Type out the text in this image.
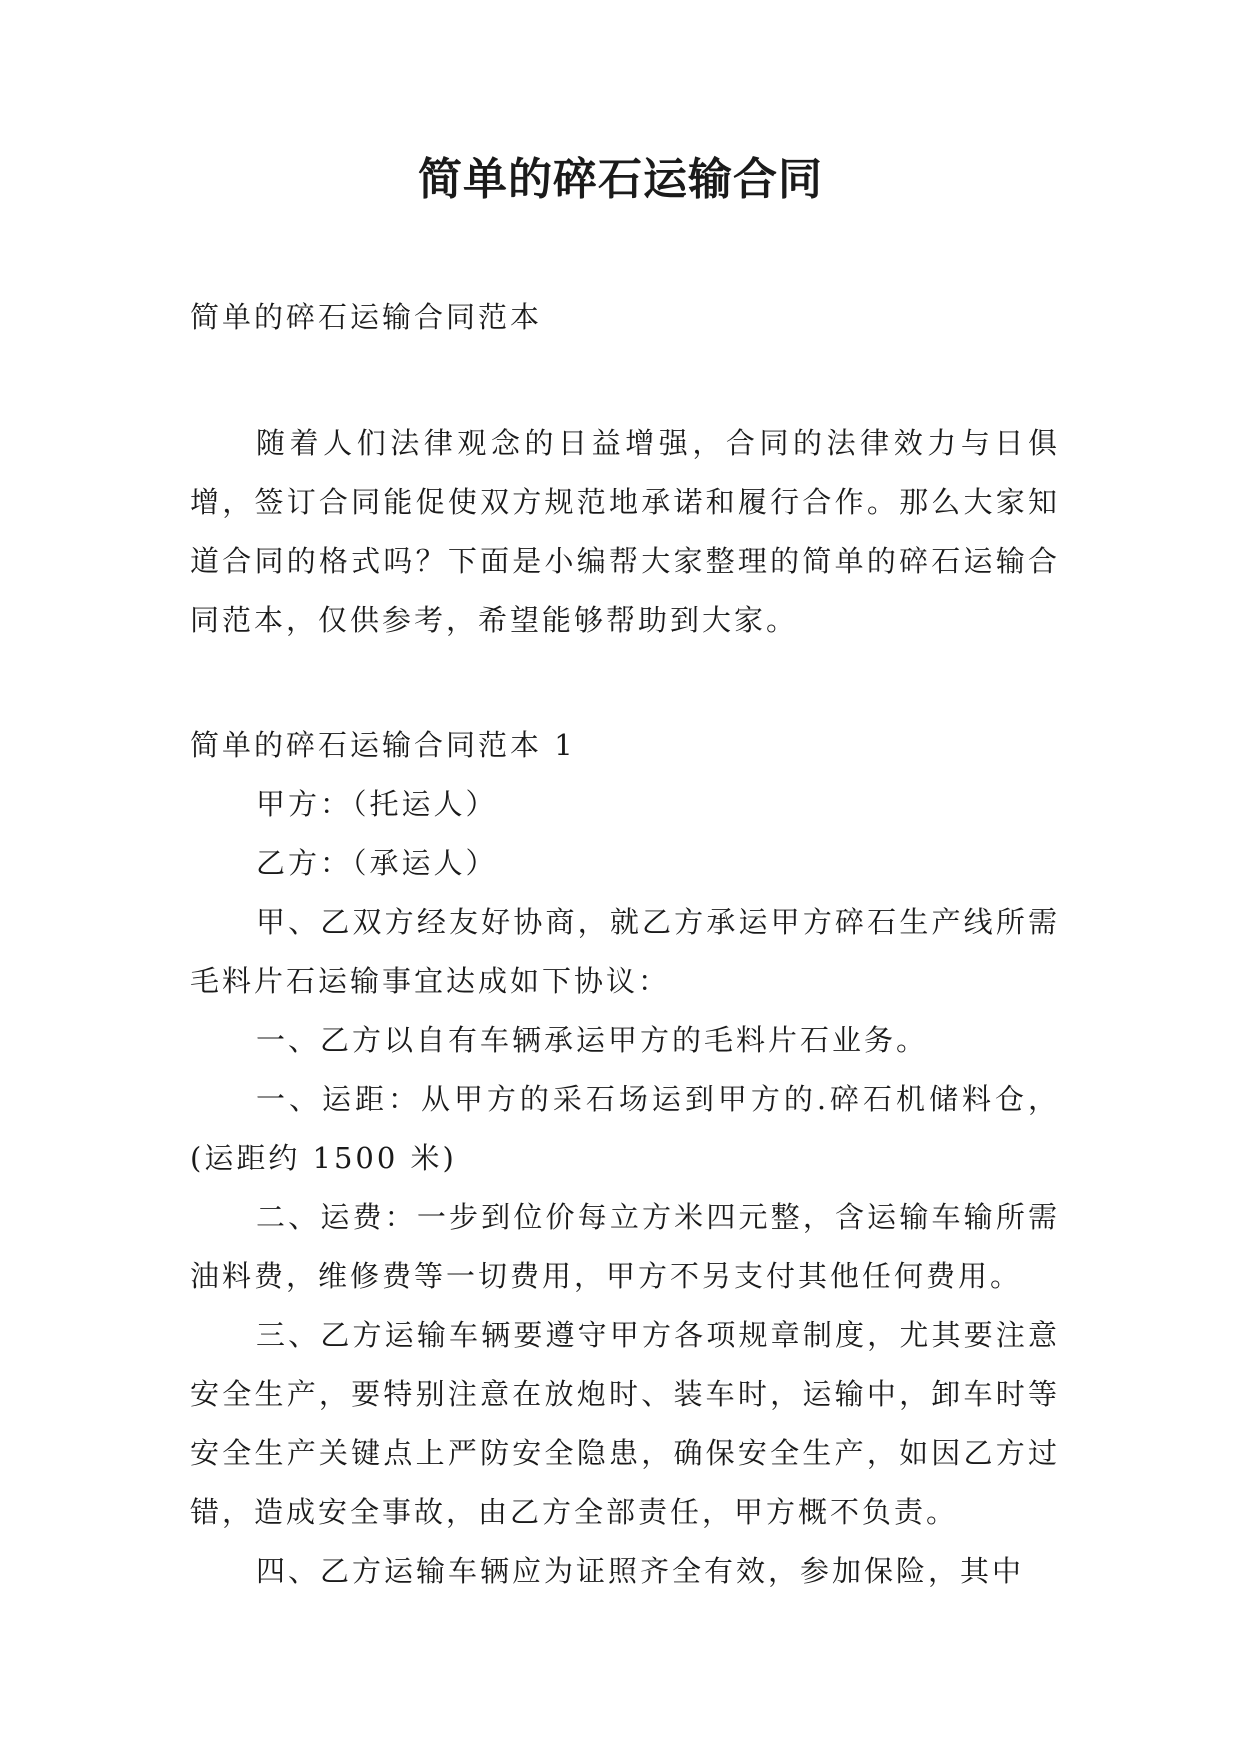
简单的碎石运输合同

简单的碎石运输合同范本

随着人们法律观念的日益增强，合同的法律效力与日俱增，签订合同能促使双方规范地承诺和履行合作。那么大家知道合同的格式吗？下面是小编帮大家整理的简单的碎石运输合同范本，仅供参考，希望能够帮助到大家。

简单的碎石运输合同范本 1

甲方：（托运人）

乙方：（承运人）

甲、乙双方经友好协商，就乙方承运甲方碎石生产线所需毛料片石运输事宜达成如下协议：

一、乙方以自有车辆承运甲方的毛料片石业务。

一、运距：从甲方的采石场运到甲方的.碎石机储料仓，(运距约 1500 米)

二、运费：一步到位价每立方米四元整，含运输车输所需油料费，维修费等一切费用，甲方不另支付其他任何费用。

三、乙方运输车辆要遵守甲方各项规章制度，尤其要注意安全生产，要特别注意在放炮时、装车时，运输中，卸车时等安全生产关键点上严防安全隐患，确保安全生产，如因乙方过错，造成安全事故，由乙方全部责任，甲方概不负责。

四、乙方运输车辆应为证照齐全有效，参加保险，其中
